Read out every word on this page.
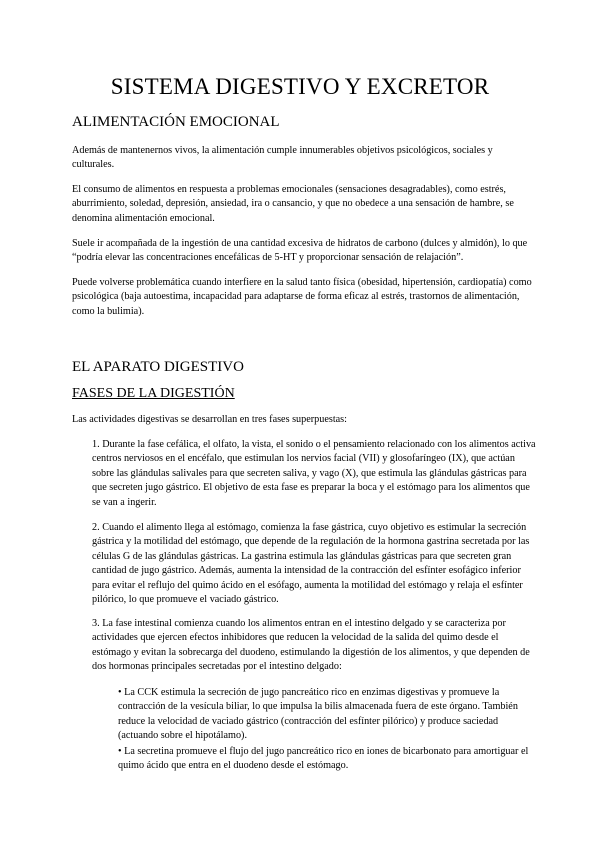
SISTEMA DIGESTIVO Y EXCRETOR
ALIMENTACIÓN EMOCIONAL

Además de mantenernos vivos, la alimentación cumple innumerables objetivos psicológicos, sociales y culturales.

El consumo de alimentos en respuesta a problemas emocionales (sensaciones desagradables), como estrés, aburrimiento, soledad, depresión, ansiedad, ira o cansancio, y que no obedece a una sensación de hambre, se denomina alimentación emocional.

Suele ir acompañada de la ingestión de una cantidad excesiva de hidratos de carbono (dulces y almidón), lo que “podría elevar las concentraciones encefálicas de 5-HT y proporcionar sensación de relajación”.

Puede volverse problemática cuando interfiere en la salud tanto física (obesidad, hipertensión, cardiopatía) como psicológica (baja autoestima, incapacidad para adaptarse de forma eficaz al estrés, trastornos de alimentación, como la bulimia).

EL APARATO DIGESTIVO
FASES DE LA DIGESTIÓN

Las actividades digestivas se desarrollan en tres fases superpuestas:

1. Durante la fase cefálica, el olfato, la vista, el sonido o el pensamiento relacionado con los alimentos activa centros nerviosos en el encéfalo, que estimulan los nervios facial (VII) y glosofaríngeo (IX), que actúan sobre las glándulas salivales para que secreten saliva, y vago (X), que estimula las glándulas gástricas para que secreten jugo gástrico. El objetivo de esta fase es preparar la boca y el estómago para los alimentos que se van a ingerir.

2. Cuando el alimento llega al estómago, comienza la fase gástrica, cuyo objetivo es estimular la secreción gástrica y la motilidad del estómago, que depende de la regulación de la hormona gastrina secretada por las células G de las glándulas gástricas. La gastrina estimula las glándulas gástricas para que secreten gran cantidad de jugo gástrico. Además, aumenta la intensidad de la contracción del esfínter esofágico inferior para evitar el reflujo del quimo ácido en el esófago, aumenta la motilidad del estómago y relaja el esfínter pilórico, lo que promueve el vaciado gástrico.

3. La fase intestinal comienza cuando los alimentos entran en el intestino delgado y se caracteriza por actividades que ejercen efectos inhibidores que reducen la velocidad de la salida del quimo desde el estómago y evitan la sobrecarga del duodeno, estimulando la digestión de los alimentos, y que dependen de dos hormonas principales secretadas por el intestino delgado:

• La CCK estimula la secreción de jugo pancreático rico en enzimas digestivas y promueve la contracción de la vesícula biliar, lo que impulsa la bilis almacenada fuera de este órgano. También reduce la velocidad de vaciado gástrico (contracción del esfínter pilórico) y produce saciedad (actuando sobre el hipotálamo).

• La secretina promueve el flujo del jugo pancreático rico en iones de bicarbonato para amortiguar el quimo ácido que entra en el duodeno desde el estómago.
